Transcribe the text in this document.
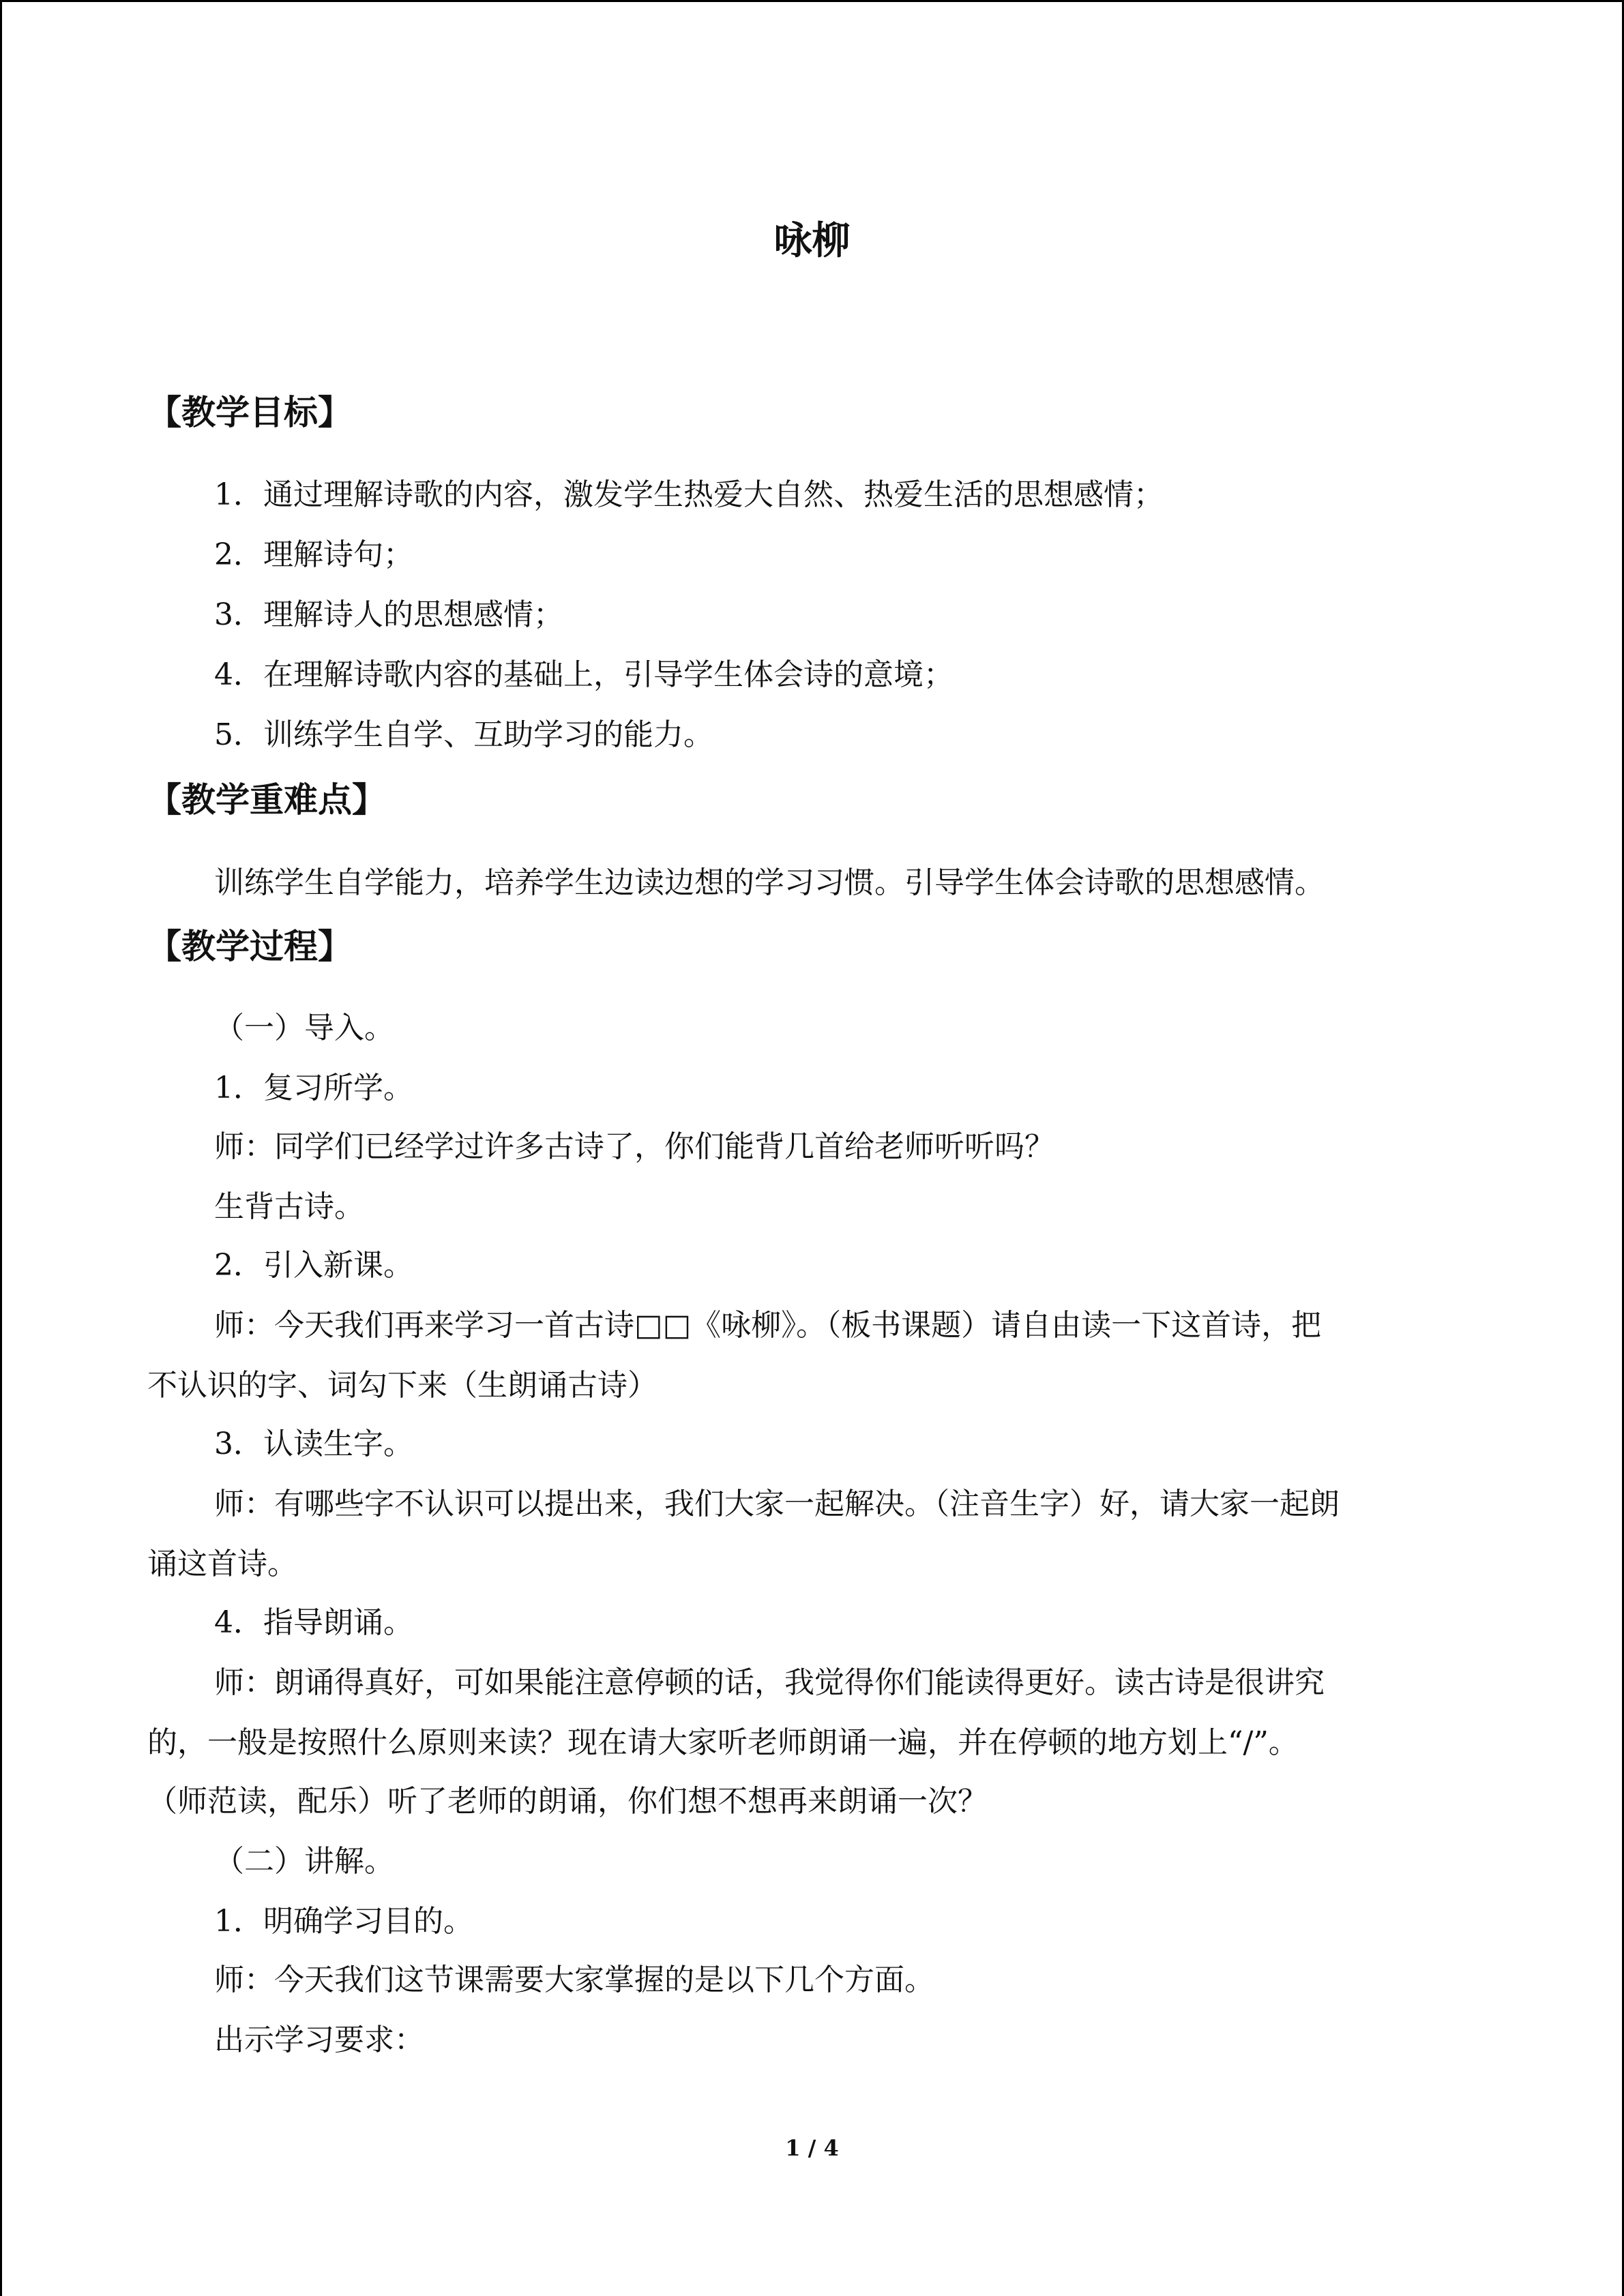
咏柳
【教学目标】

1．通过理解诗歌的内容，激发学生热爱大自然、热爱生活的思想感情；

2．理解诗句；

3．理解诗人的思想感情；

4．在理解诗歌内容的基础上，引导学生体会诗的意境；

5．训练学生自学、互助学习的能力。

【教学重难点】

训练学生自学能力，培养学生边读边想的学习习惯。引导学生体会诗歌的思想感情。

【教学过程】

（一）导入。

1．复习所学。

师：同学们已经学过许多古诗了，你们能背几首给老师听听吗？

生背古诗。

2．引入新课。

师：今天我们再来学习一首古诗□□《咏柳》。（板书课题）请自由读一下这首诗，把

不认识的字、词勾下来（生朗诵古诗）

3．认读生字。

师：有哪些字不认识可以提出来，我们大家一起解决。（注音生字）好，请大家一起朗

诵这首诗。

4．指导朗诵。

师：朗诵得真好，可如果能注意停顿的话，我觉得你们能读得更好。读古诗是很讲究

的，一般是按照什么原则来读？现在请大家听老师朗诵一遍，并在停顿的地方划上“/”。

（师范读，配乐）听了老师的朗诵，你们想不想再来朗诵一次？

（二）讲解。

1．明确学习目的。

师：今天我们这节课需要大家掌握的是以下几个方面。

出示学习要求：

1 / 4
